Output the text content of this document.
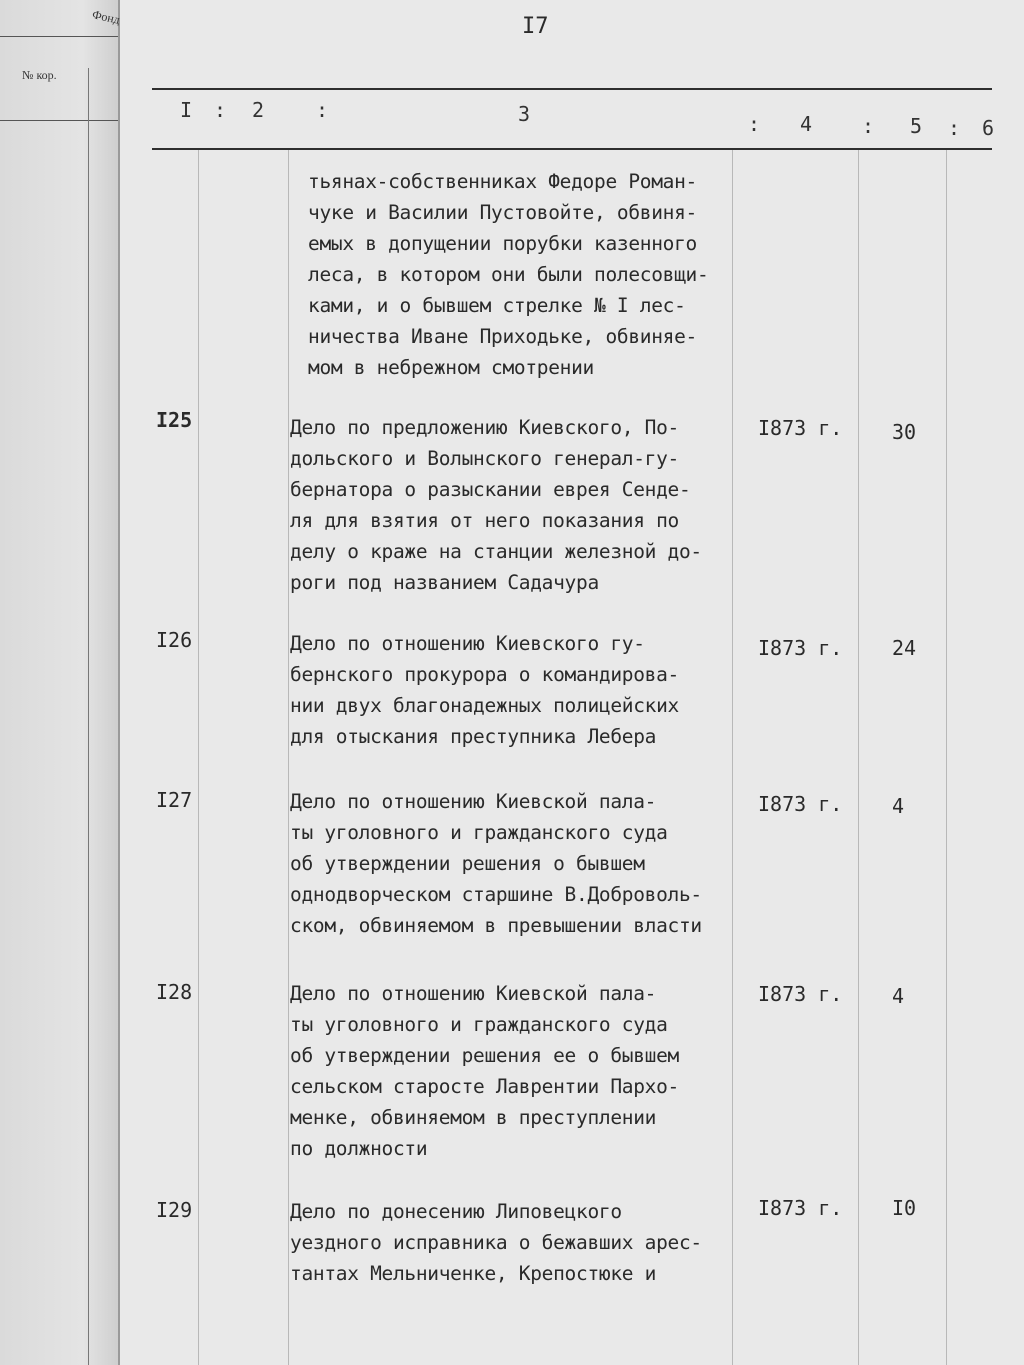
№ кор.
Фонд	I7
I : 2	:	3	: 4 : 5 : 6
тьянах-собственниках Федоре Роман-
чуке и Василии Пустовойте, обвиня-
емых в допущении порубки казенного
леса, в котором они были полесовщи-
ками, и о бывшем стрелке № I лес-
ничества Иване Приходьке, обвиняе-
мом в небрежном смотрении
I25	Дело по предложению Киевского, По-
дольского и Волынского генерал-гу-
бернатора о разыскании еврея Сенде-
ля для взятия от него показания по
делу о краже на станции железной до-
роги под названием Садачура
I873 г. 30
I26	Дело по отношению Киевского гу-
бернского прокурора о командирова-
нии двух благонадежных полицейских
для отыскания преступника Лебера
I873 г. 24
I27	Дело по отношению Киевской пала-
ты уголовного и гражданского суда
об утверждении решения о бывшем
однодворческом старшине В.Доброволь-
ском, обвиняемом в превышении власти
I873 г. 4
I28	Дело по отношению Киевской пала-
ты уголовного и гражданского суда
об утверждении решения ее о бывшем
сельском старосте Лаврентии Пархо-
менке, обвиняемом в преступлении
по должности
I873 г. 4
I29	Дело по донесению Липовецкого
уездного исправника о бежавших арес-
тантах Мельниченке, Крепостюке и
I873 г. I0
